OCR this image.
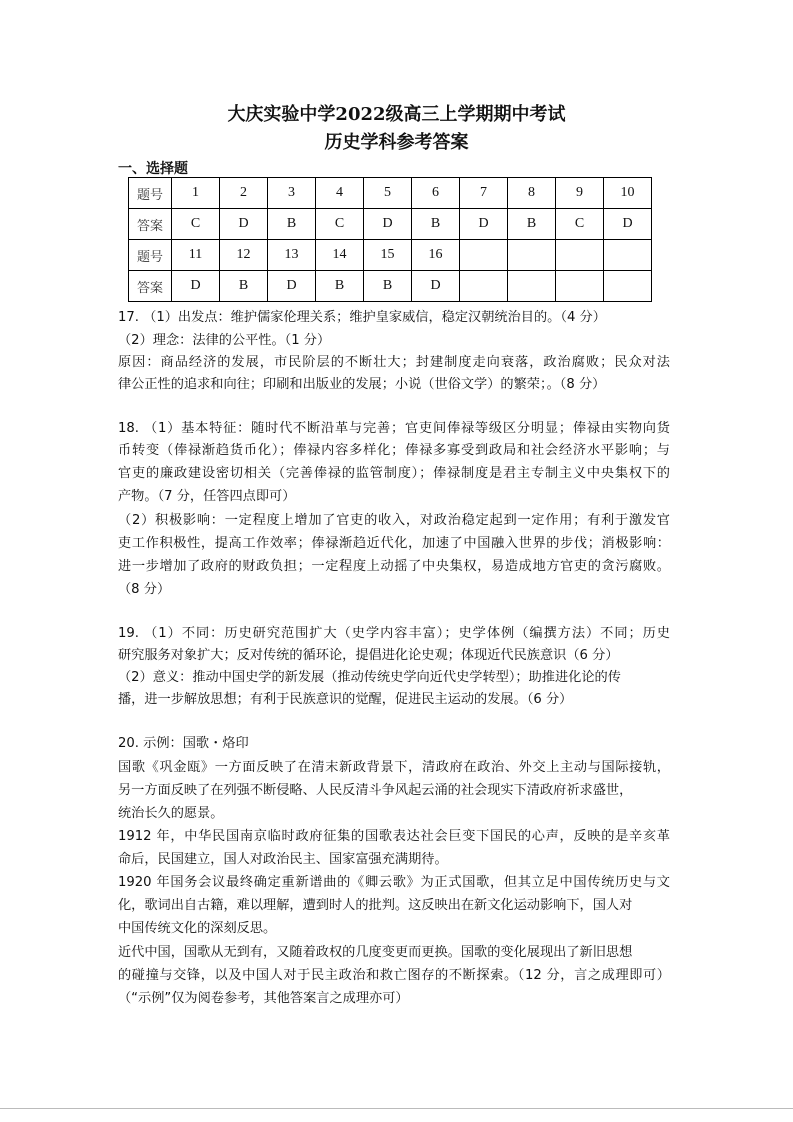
大庆实验中学2022级高三上学期期中考试
历史学科参考答案
一、选择题
题号	1	2	3	4	5	6	7	8	9	10
答案	C	D	B	C	D	B	D	B	C	D
题号	11	12	13	14	15	16				
答案	D	B	D	B	B	D				
17. （1）出发点：维护儒家伦理关系；维护皇家威信，稳定汉朝统治目的。（4 分）
（2）理念：法律的公平性。（1 分）
原因：商品经济的发展，市民阶层的不断壮大；封建制度走向衰落，政治腐败；民众对法
律公正性的追求和向往；印刷和出版业的发展；小说（世俗文学）的繁荣；。（8 分）
18. （1）基本特征：随时代不断沿革与完善；官吏间俸禄等级区分明显；俸禄由实物向货
币转变（俸禄渐趋货币化）；俸禄内容多样化；俸禄多寡受到政局和社会经济水平影响；与
官吏的廉政建设密切相关（完善俸禄的监管制度）；俸禄制度是君主专制主义中央集权下的
产物。（7 分，任答四点即可）
（2）积极影响：一定程度上增加了官吏的收入，对政治稳定起到一定作用；有利于激发官
吏工作积极性，提高工作效率；俸禄渐趋近代化，加速了中国融入世界的步伐；消极影响：
进一步增加了政府的财政负担；一定程度上动摇了中央集权，易造成地方官吏的贪污腐败。
（8 分）
19. （1）不同：历史研究范围扩大（史学内容丰富）；史学体例（编撰方法）不同；历史
研究服务对象扩大；反对传统的循环论，提倡进化论史观；体现近代民族意识（6 分）
（2）意义：推动中国史学的新发展（推动传统史学向近代史学转型）；助推进化论的传
播，进一步解放思想；有利于民族意识的觉醒，促进民主运动的发展。（6 分）
20. 示例：国歌・烙印
国歌《巩金瓯》一方面反映了在清末新政背景下，清政府在政治、外交上主动与国际接轨，
另一方面反映了在列强不断侵略、人民反清斗争风起云涌的社会现实下清政府祈求盛世，
统治长久的愿景。
1912 年，中华民国南京临时政府征集的国歌表达社会巨变下国民的心声，反映的是辛亥革
命后，民国建立，国人对政治民主、国家富强充满期待。
1920 年国务会议最终确定重新谱曲的《卿云歌》为正式国歌，但其立足中国传统历史与文
化，歌词出自古籍，难以理解，遭到时人的批判。这反映出在新文化运动影响下，国人对
中国传统文化的深刻反思。
近代中国，国歌从无到有，又随着政权的几度变更而更换。国歌的变化展现出了新旧思想
的碰撞与交锋，以及中国人对于民主政治和救亡图存的不断探索。（12 分，言之成理即可）
（“示例”仅为阅卷参考，其他答案言之成理亦可）
